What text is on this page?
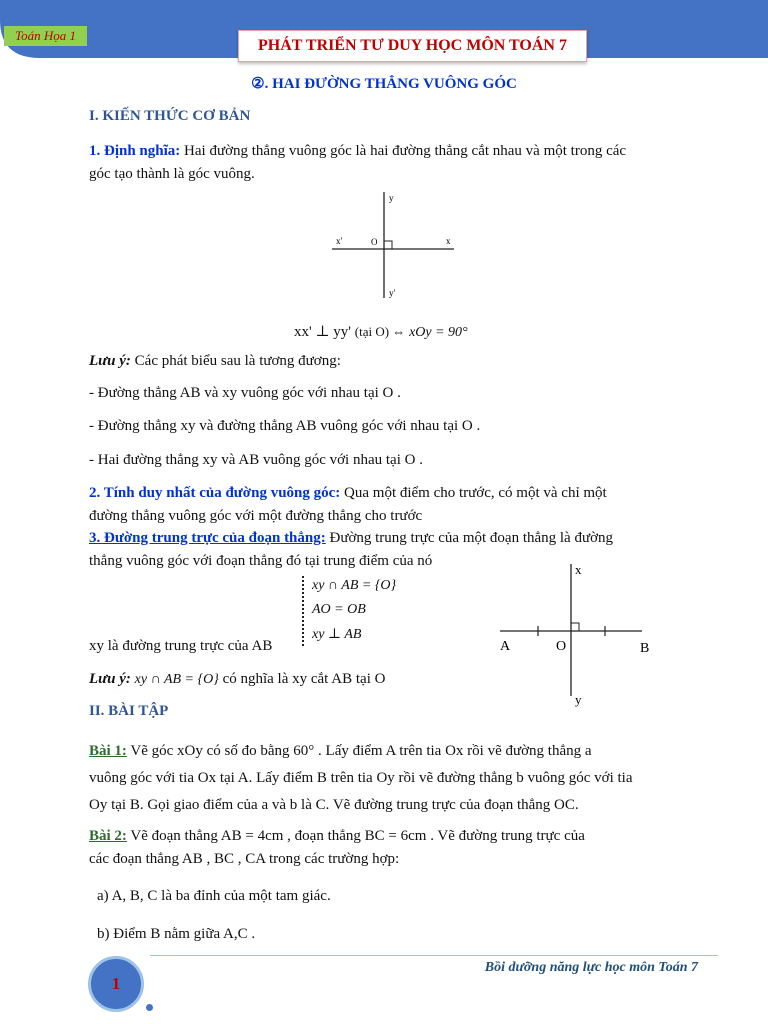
Toán Họa 1
PHÁT TRIỂN TƯ DUY HỌC MÔN TOÁN 7
②. HAI ĐƯỜNG THẲNG VUÔNG GÓC
I. KIẾN THỨC CƠ BẢN
1. Định nghĩa: Hai đường thẳng vuông góc là hai đường thẳng cắt nhau và một trong các
góc tạo thành là góc vuông.
y
x'	O	x
y'
xx' ⊥ yy' (tại O) ⇔ xOy = 90°
Lưu ý: Các phát biểu sau là tương đương:
- Đường thẳng AB và xy vuông góc với nhau tại O .
- Đường thẳng xy và đường thẳng AB vuông góc với nhau tại O .
- Hai đường thẳng xy và AB vuông góc với nhau tại O .
2. Tính duy nhất của đường vuông góc: Qua một điểm cho trước, có một và chỉ một
đường thẳng vuông góc với một đường thẳng cho trước
3. Đường trung trực của đoạn thẳng: Đường trung trực của một đoạn thẳng là đường
thẳng vuông góc với đoạn thẳng đó tại trung điểm của nó
xy ∩ AB = {O}
AO = OB
xy ⊥ AB
xy là đường trung trực của AB
x
A	O	B
y
Lưu ý: xy ∩ AB = {O} có nghĩa là xy cắt AB tại O
II. BÀI TẬP
Bài 1: Vẽ góc xOy có số đo bằng 60° . Lấy điểm A trên tia Ox rồi vẽ đường thẳng a
vuông góc với tia Ox tại A. Lấy điểm B trên tia Oy rồi vẽ đường thẳng b vuông góc với tia
Oy tại B. Gọi giao điểm của a và b là C. Vẽ đường trung trực của đoạn thẳng OC.
Bài 2: Vẽ đoạn thẳng AB = 4cm , đoạn thẳng BC = 6cm . Vẽ đường trung trực của
các đoạn thẳng AB , BC , CA trong các trường hợp:
a) A, B, C là ba đỉnh của một tam giác.
b) Điểm B nằm giữa A,C .
Bồi dưỡng năng lực học môn Toán 7
1
